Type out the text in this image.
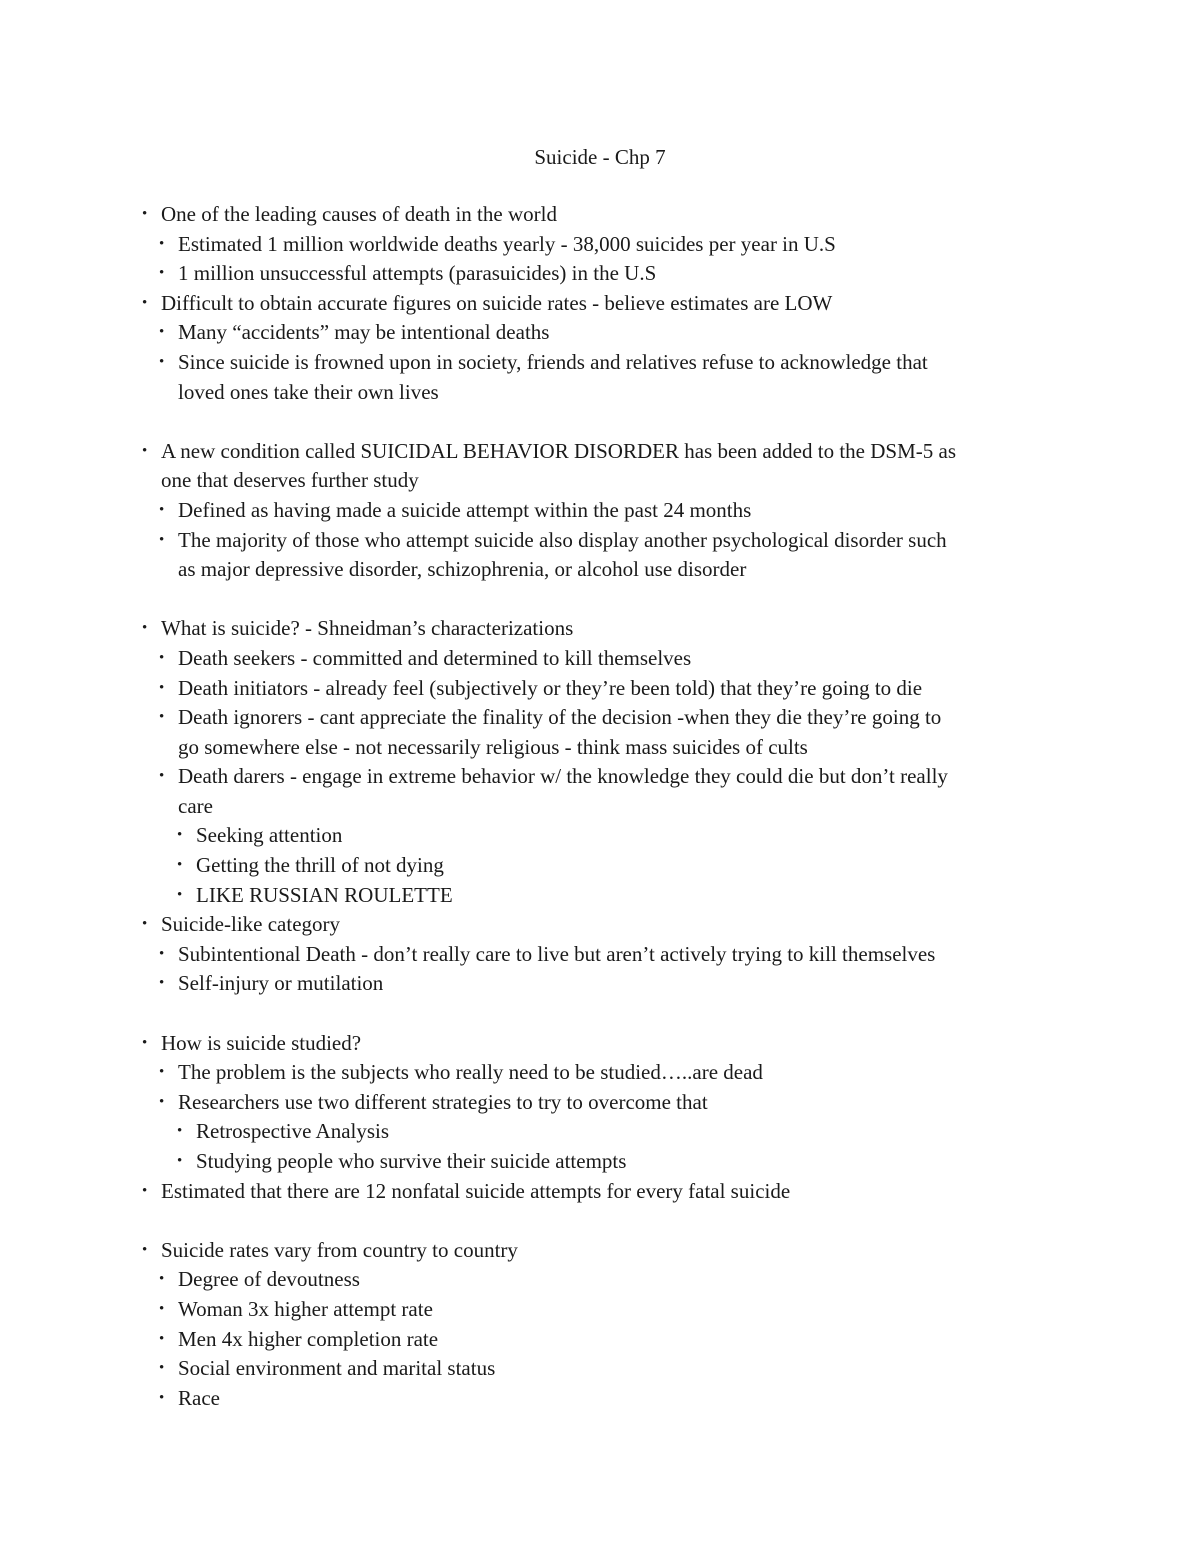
Suicide - Chp 7
• One of the leading causes of death in the world
• Estimated 1 million worldwide deaths yearly - 38,000 suicides per year in U.S
• 1 million unsuccessful attempts (parasuicides) in the U.S
• Difficult to obtain accurate figures on suicide rates - believe estimates are LOW
• Many “accidents” may be intentional deaths
• Since suicide is frowned upon in society, friends and relatives refuse to acknowledge that
loved ones take their own lives
• A new condition called SUICIDAL BEHAVIOR DISORDER has been added to the DSM-5 as
one that deserves further study
• Defined as having made a suicide attempt within the past 24 months
• The majority of those who attempt suicide also display another psychological disorder such
as major depressive disorder, schizophrenia, or alcohol use disorder
• What is suicide? - Shneidman’s characterizations
• Death seekers - committed and determined to kill themselves
• Death initiators - already feel (subjectively or they’re been told) that they’re going to die
• Death ignorers - cant appreciate the finality of the decision -when they die they’re going to
go somewhere else - not necessarily religious - think mass suicides of cults
• Death darers - engage in extreme behavior w/ the knowledge they could die but don’t really
care
• Seeking attention
• Getting the thrill of not dying
• LIKE RUSSIAN ROULETTE
• Suicide-like category
• Subintentional Death - don’t really care to live but aren’t actively trying to kill themselves
• Self-injury or mutilation
• How is suicide studied?
• The problem is the subjects who really need to be studied…..are dead
• Researchers use two different strategies to try to overcome that
• Retrospective Analysis
• Studying people who survive their suicide attempts
• Estimated that there are 12 nonfatal suicide attempts for every fatal suicide
• Suicide rates vary from country to country
• Degree of devoutness
• Woman 3x higher attempt rate
• Men 4x higher completion rate
• Social environment and marital status
• Race
